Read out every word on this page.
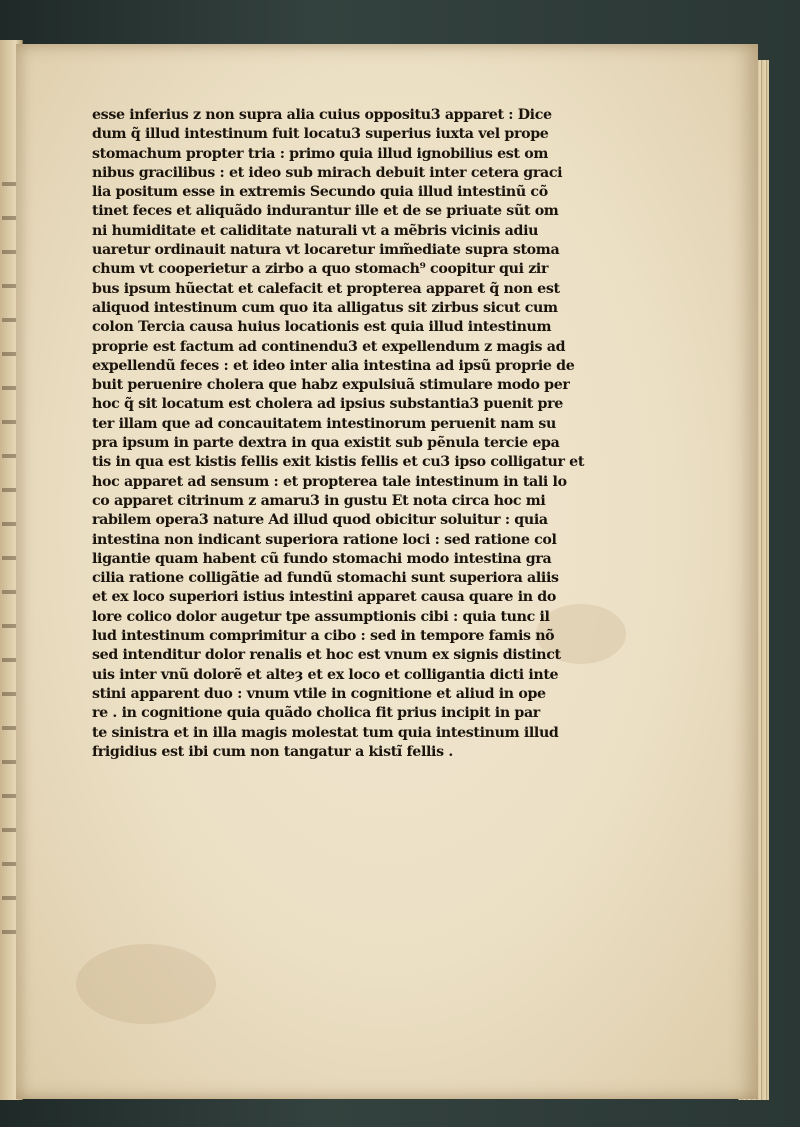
esse inferius z non supra alia cuius oppositu3 apparet : Dice
dum q̃ illud intestinum fuit locatu3 superius iuxta vel prope
stomachum propter tria : primo quia illud ignobilius est om
nibus gracilibus : et ideo sub mirach debuit inter cetera graci
lia positum esse in extremis Secundo quia illud intestinũ cõ
tinet feces et aliquãdo indurantur ille et de se priuate sũt om
ni humiditate et caliditate naturali vt a mẽbris vicinis adiu
uaretur ordinauit natura vt locaretur imm̃ediate supra stoma
chum vt cooperietur a zirbo a quo stomach⁹ coopitur qui zir
bus ipsum hũectat et calefacit et propterea apparet q̃ non est
aliquod intestinum cum quo ita alligatus sit zirbus sicut cum
colon Tercia causa huius locationis est quia illud intestinum
proprie est factum ad continendu3 et expellendum z magis ad
expellendũ feces : et ideo inter alia intestina ad ipsũ proprie de
buit peruenire cholera que habz expulsiuã stimulare modo per
hoc q̃ sit locatum est cholera ad ipsius substantia3 puenit pre
ter illam que ad concauitatem intestinorum peruenit nam su
pra ipsum in parte dextra in qua existit sub pẽnula tercie epa
tis in qua est kistis fellis exit kistis fellis et cu3 ipso colligatur et
hoc apparet ad sensum : et propterea tale intestinum in tali lo
co apparet citrinum z amaru3 in gustu Et nota circa hoc mi
rabilem opera3 nature Ad illud quod obicitur soluitur : quia
intestina non indicant superiora ratione loci : sed ratione col
ligantie quam habent cũ fundo stomachi modo intestina gra
cilia ratione colligãtie ad fundũ stomachi sunt superiora aliis
et ex loco superiori istius intestini apparet causa quare in do
lore colico dolor augetur tpe assumptionis cibi : quia tunc il
lud intestinum comprimitur a cibo : sed in tempore famis nõ
sed intenditur dolor renalis et hoc est vnum ex signis distinct
uis inter vnũ dolorẽ et alteȝ et ex loco et colligantia dicti inte
stini apparent duo : vnum vtile in cognitione et aliud in ope
re . in cognitione quia quãdo cholica fit prius incipit in par
te sinistra et in illa magis molestat tum quia intestinum illud
frigidius est ibi cum non tangatur a kistĩ fellis .
